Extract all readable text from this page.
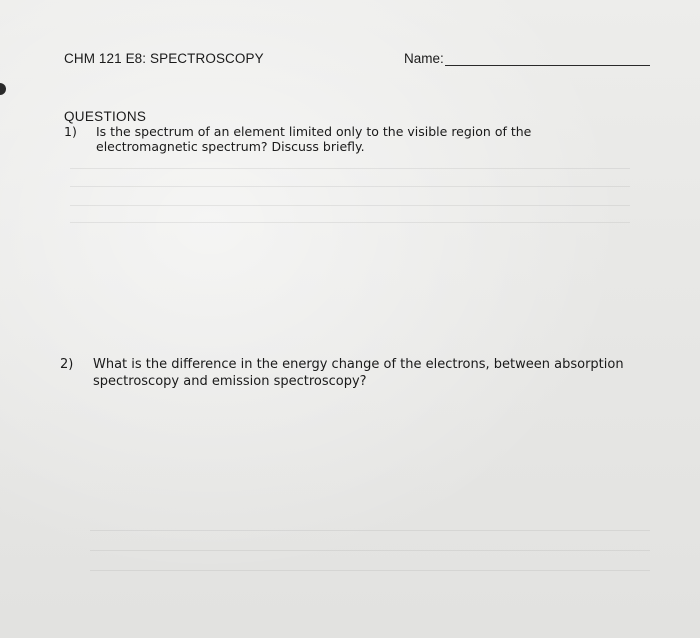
CHM 121 E8: SPECTROSCOPY	Name:
QUESTIONS
1) Is the spectrum of an element limited only to the visible region of the electromagnetic spectrum? Discuss briefly.
2) What is the difference in the energy change of the electrons, between absorption spectroscopy and emission spectroscopy?
